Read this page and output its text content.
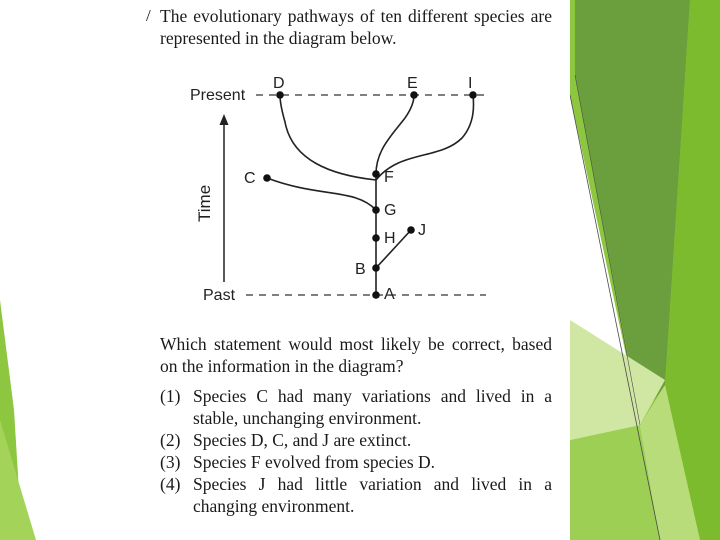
/ The evolutionary pathways of ten different species are represented in the diagram below.

Time
Present
Past	A
B
H
G
F
C
J
D	E	I

Which statement would most likely be correct, based on the information in the diagram?

(1) Species C had many variations and lived in a stable, unchanging environment.
(2) Species D, C, and J are extinct.
(3) Species F evolved from species D.
(4) Species J had little variation and lived in a changing environment.
